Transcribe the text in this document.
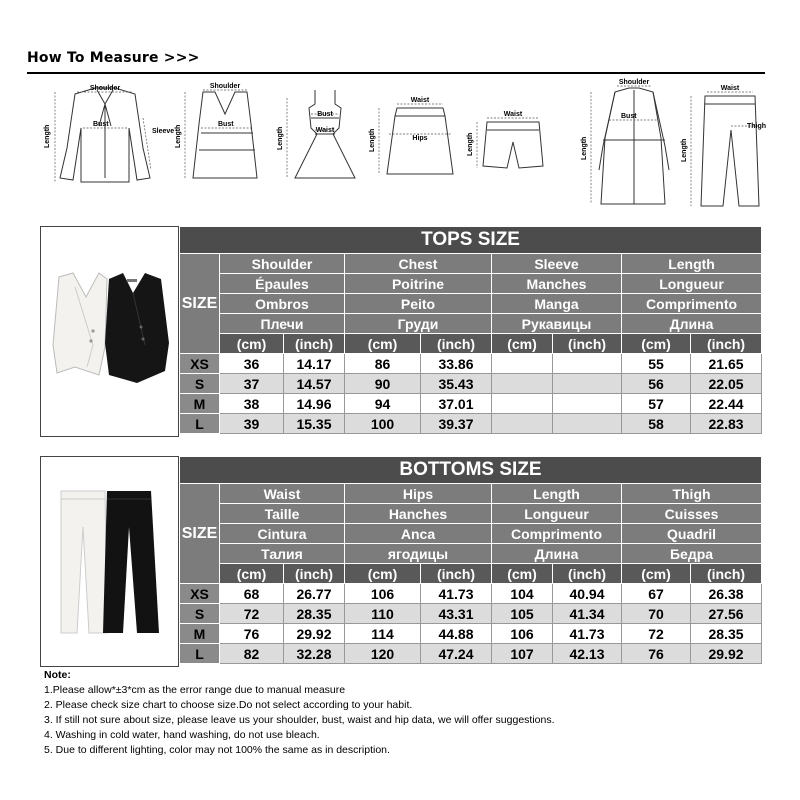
How To Measure >>>
Shoulder
Bust
Sleeve
Length
Shoulder
Bust
Length
Bust
Waist
Length
Waist
Hips
Length
Waist
Length
Shoulder
Bust
Length
Waist
Thigh
Length
TOPS SIZE								
SIZE	Shoulder		Chest		Sleeve		Length	
	Épaules		Poitrine		Manches		Longueur	
	Ombros		Peito		Manga		Comprimento	
	Плечи		Груди		Рукавицы		Длина	
	(cm)	(inch)	(cm)	(inch)	(cm)	(inch)	(cm)	(inch)
XS	36	14.17	86	33.86			55	21.65
S	37	14.57	90	35.43			56	22.05
M	38	14.96	94	37.01			57	22.44
L	39	15.35	100	39.37			58	22.83
BOTTOMS SIZE								
SIZE	Waist		Hips		Length		Thigh	
	Taille		Hanches		Longueur		Cuisses	
	Cintura		Anca		Comprimento		Quadril	
	Талия		ягодицы		Длина		Бедра	
	(cm)	(inch)	(cm)	(inch)	(cm)	(inch)	(cm)	(inch)
XS	68	26.77	106	41.73	104	40.94	67	26.38
S	72	28.35	110	43.31	105	41.34	70	27.56
M	76	29.92	114	44.88	106	41.73	72	28.35
L	82	32.28	120	47.24	107	42.13	76	29.92
Note:
1.Please allow*±3*cm as the error range due to manual measure
2. Please check size chart to choose size.Do not select according to your habit.
3. If still not sure about size, please leave us your shoulder, bust, waist and hip data, we will offer suggestions.
4. Washing in cold water, hand washing, do not use bleach.
5. Due to different lighting, color may not 100% the same as in description.
